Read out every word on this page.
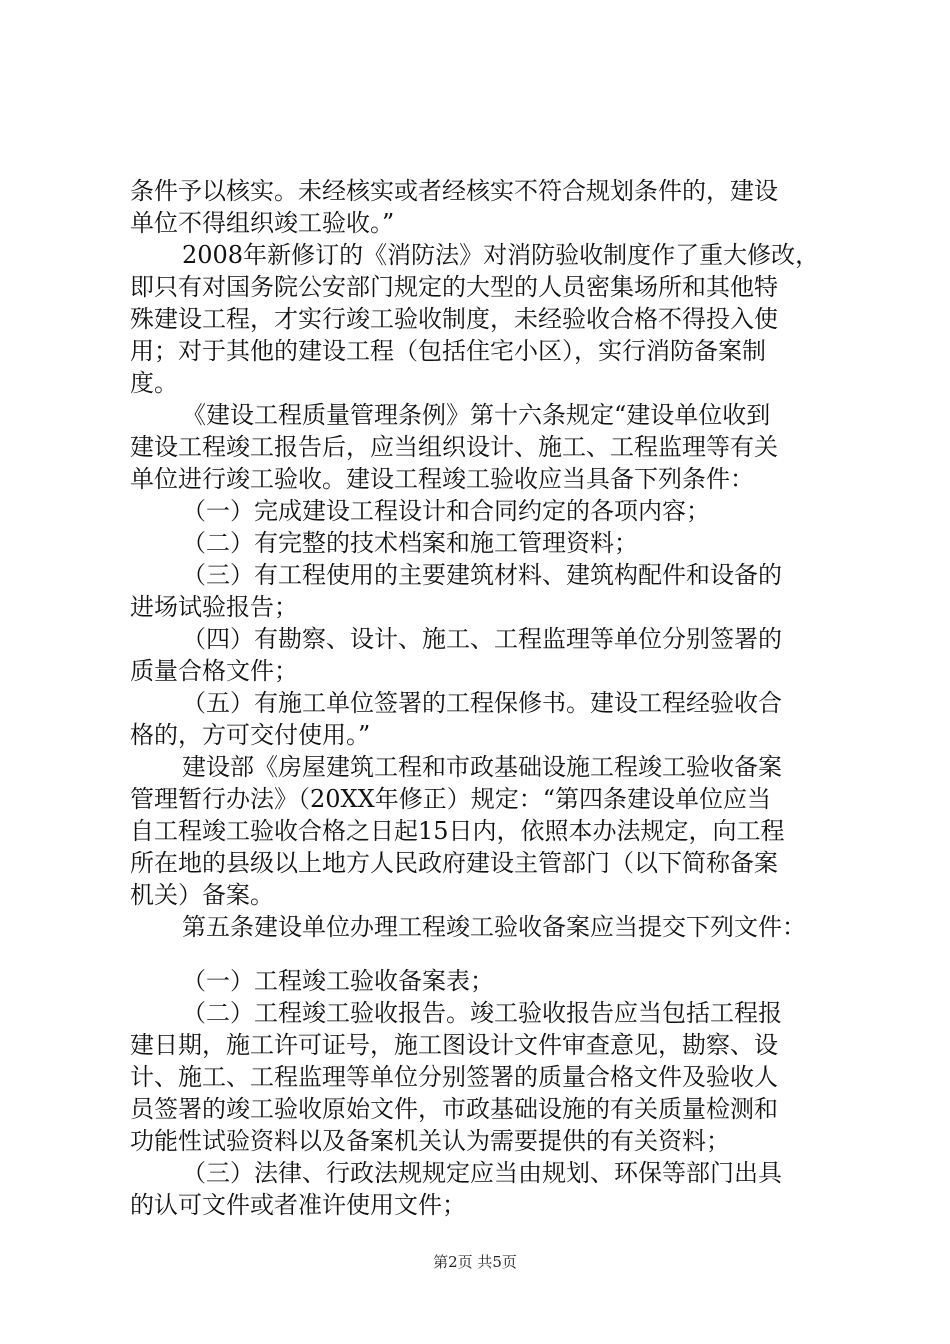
条件予以核实。未经核实或者经核实不符合规划条件的，建设
单位不得组织竣工验收。”
2008年新修订的《消防法》对消防验收制度作了重大修改，
即只有对国务院公安部门规定的大型的人员密集场所和其他特
殊建设工程，才实行竣工验收制度，未经验收合格不得投入使
用；对于其他的建设工程（包括住宅小区），实行消防备案制
度。
《建设工程质量管理条例》第十六条规定“建设单位收到
建设工程竣工报告后，应当组织设计、施工、工程监理等有关
单位进行竣工验收。建设工程竣工验收应当具备下列条件：
（一）完成建设工程设计和合同约定的各项内容；
（二）有完整的技术档案和施工管理资料；
（三）有工程使用的主要建筑材料、建筑构配件和设备的
进场试验报告；
（四）有勘察、设计、施工、工程监理等单位分别签署的
质量合格文件；
（五）有施工单位签署的工程保修书。建设工程经验收合
格的，方可交付使用。”
建设部《房屋建筑工程和市政基础设施工程竣工验收备案
管理暂行办法》（20XX年修正）规定：“第四条建设单位应当
自工程竣工验收合格之日起15日内，依照本办法规定，向工程
所在地的县级以上地方人民政府建设主管部门（以下简称备案
机关）备案。
第五条建设单位办理工程竣工验收备案应当提交下列文件：
（一）工程竣工验收备案表；
（二）工程竣工验收报告。竣工验收报告应当包括工程报
建日期，施工许可证号，施工图设计文件审查意见，勘察、设
计、施工、工程监理等单位分别签署的质量合格文件及验收人
员签署的竣工验收原始文件，市政基础设施的有关质量检测和
功能性试验资料以及备案机关认为需要提供的有关资料；
（三）法律、行政法规规定应当由规划、环保等部门出具
的认可文件或者准许使用文件；
第2页 共5页
